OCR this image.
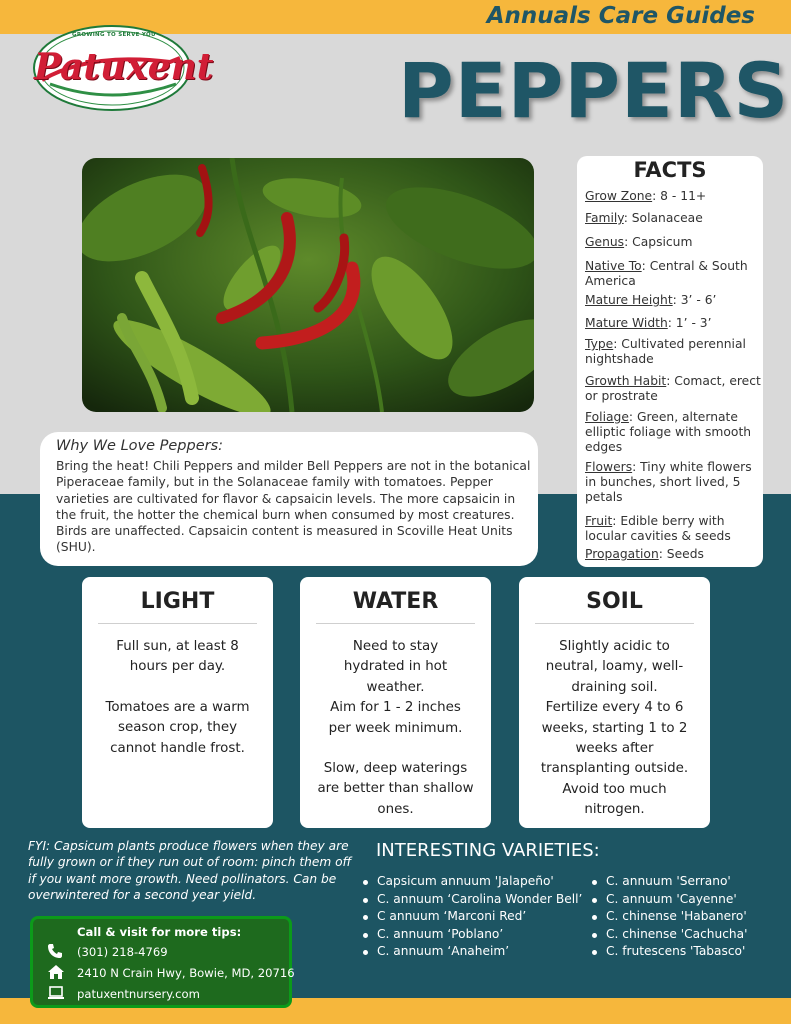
Annuals Care Guides
GROWING TO SERVE YOU
Patuxent PEPPERS
FACTS
Grow Zone: 8 - 11+
Family: Solanaceae
Genus: Capsicum
Native To: Central & South America
Mature Height: 3’ - 6’
Mature Width: 1’ - 3’
Type: Cultivated perennial nightshade
Growth Habit: Comact, erect or prostrate
Foliage: Green, alternate elliptic foliage with smooth edges
Flowers: Tiny white flowers in bunches, short lived, 5 petals
Fruit: Edible berry with locular cavities & seeds
Propagation: Seeds
Why We Love Peppers:
Bring the heat! Chili Peppers and milder Bell Peppers are not in the botanical Piperaceae family, but in the Solanaceae family with tomatoes. Pepper varieties are cultivated for flavor & capsaicin levels. The more capsaicin in the fruit, the hotter the chemical burn when consumed by most creatures. Birds are unaffected. Capsaicin content is measured in Scoville Heat Units (SHU).
LIGHT
Full sun, at least 8 hours per day.
Tomatoes are a warm season crop, they cannot handle frost.
WATER
Need to stay hydrated in hot weather.
Aim for 1 - 2 inches per week minimum.
Slow, deep waterings are better than shallow ones.
SOIL
Slightly acidic to neutral, loamy, well-draining soil.
Fertilize every 4 to 6 weeks, starting 1 to 2 weeks after transplanting outside.
Avoid too much nitrogen.
FYI: Capsicum plants produce flowers when they are fully grown or if they run out of room: pinch them off if you want more growth. Need pollinators. Can be overwintered for a second year yield.
INTERESTING VARIETIES:
Capsicum annuum 'Jalapeño'
C. annuum ‘Carolina Wonder Bell’
C annuum ‘Marconi Red’
C. annuum ‘Poblano’
C. annuum ‘Anaheim’
C. annuum 'Serrano'
C. annuum 'Cayenne'
C. chinense 'Habanero'
C. chinense 'Cachucha'
C. frutescens 'Tabasco'
Call & visit for more tips:
(301) 218-4769
2410 N Crain Hwy, Bowie, MD, 20716
patuxentnursery.com
